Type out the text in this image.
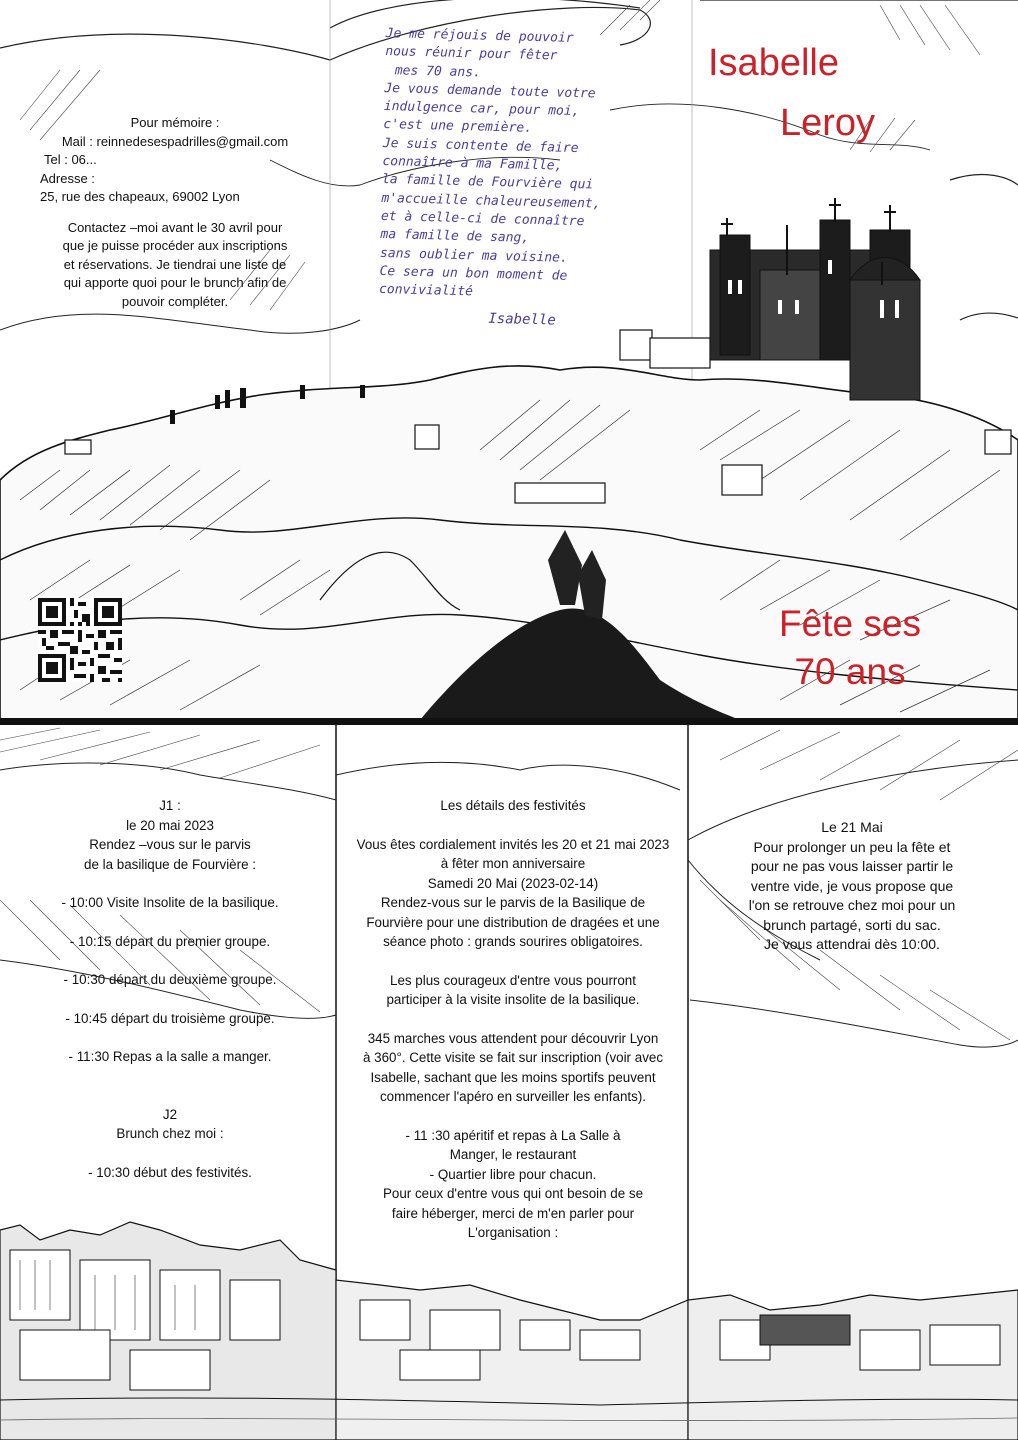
Pour mémoire :
Mail : reinnedesespadrilles@gmail.com
Tel : 06...
Adresse :
25, rue des chapeaux, 69002 Lyon
Contactez –moi avant le 30 avril pour
que je puisse procéder aux inscriptions
et réservations. Je tiendrai une liste de
qui apporte quoi pour le brunch afin de
pouvoir compléter.
Je me réjouis de pouvoir
nous réunir pour fêter
mes 70 ans.
Je vous demande toute votre
indulgence car, pour moi,
c'est une première.
Je suis contente de faire
connaître à ma Famille,
la famille de Fourvière qui
m'accueille chaleureusement,
et à celle-ci de connaître
ma famille de sang,
sans oublier ma voisine.
Ce sera un bon moment de
convivialité
Isabelle
Isabelle
Leroy
Fête ses
70 ans
J1 :
le 20 mai 2023
Rendez –vous sur le parvis
de la basilique de Fourvière :
- 10:00 Visite Insolite de la basilique.
- 10:15 départ du premier groupe.
- 10:30 départ du deuxième groupe.
- 10:45 départ du troisième groupe.
- 11:30 Repas a la salle a manger.
J2
Brunch chez moi :
- 10:30 début des festivités.
Les détails des festivités
Vous êtes cordialement invités les 20 et 21 mai 2023
à fêter mon anniversaire
Samedi 20 Mai (2023-02-14)
Rendez-vous sur le parvis de la Basilique de
Fourvière pour une distribution de dragées et une
séance photo : grands sourires obligatoires.
Les plus courageux d'entre vous pourront
participer à la visite insolite de la basilique.
345 marches vous attendent pour découvrir Lyon
à 360°. Cette visite se fait sur inscription (voir avec
Isabelle, sachant que les moins sportifs peuvent
commencer l'apéro en surveiller les enfants).
- 11 :30 apéritif et repas à La Salle à
Manger, le restaurant
- Quartier libre pour chacun.
Pour ceux d'entre vous qui ont besoin de se
faire héberger, merci de m'en parler pour
L'organisation :
Le 21 Mai
Pour prolonger un peu la fête et
pour ne pas vous laisser partir le
ventre vide, je vous propose que
l'on se retrouve chez moi pour un
brunch partagé, sorti du sac.
Je vous attendrai dès 10:00.
